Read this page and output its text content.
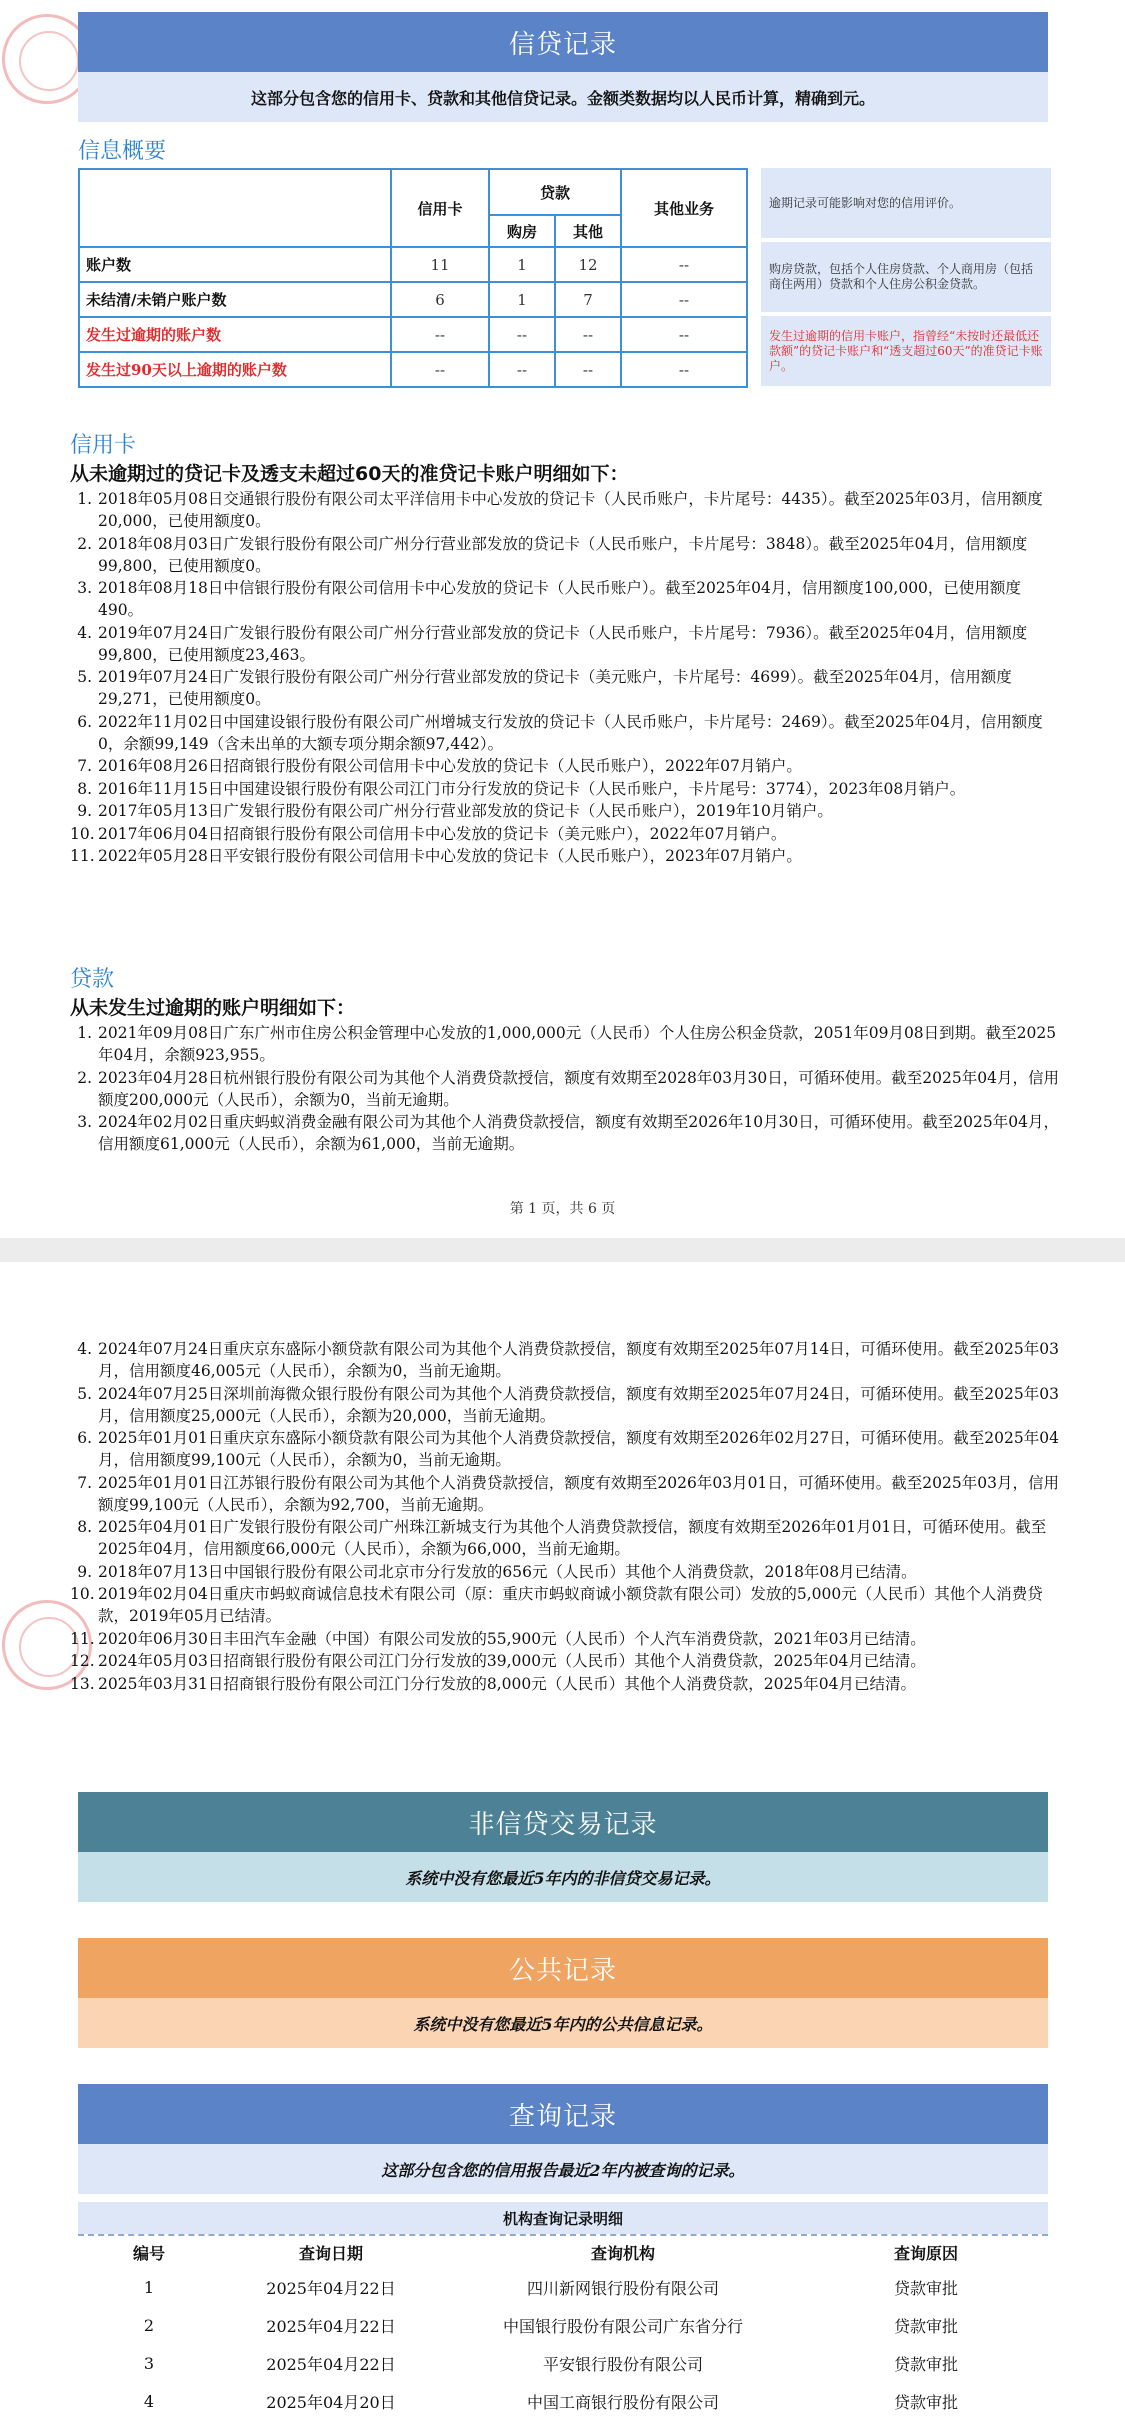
信贷记录
这部分包含您的信用卡、贷款和其他信贷记录。金额类数据均以人民币计算，精确到元。
信息概要
	信用卡	贷款		其他业务
		购房	其他	
账户数	11	1	12	--
未结清/未销户账户数	6	1	7	--
发生过逾期的账户数	--	--	--	--
发生过90天以上逾期的账户数	--	--	--	--
逾期记录可能影响对您的信用评价。
购房贷款，包括个人住房贷款、个人商用房（包括商住两用）贷款和个人住房公积金贷款。
发生过逾期的信用卡账户，指曾经“未按时还最低还款额”的贷记卡账户和“透支超过60天”的准贷记卡账户。
信用卡
从未逾期过的贷记卡及透支未超过60天的准贷记卡账户明细如下：
1. 2018年05月08日交通银行股份有限公司太平洋信用卡中心发放的贷记卡（人民币账户，卡片尾号：4435）。截至2025年03月，信用额度20,000，已使用额度0。
2. 2018年08月03日广发银行股份有限公司广州分行营业部发放的贷记卡（人民币账户，卡片尾号：3848）。截至2025年04月，信用额度99,800，已使用额度0。
3. 2018年08月18日中信银行股份有限公司信用卡中心发放的贷记卡（人民币账户）。截至2025年04月，信用额度100,000，已使用额度490。
4. 2019年07月24日广发银行股份有限公司广州分行营业部发放的贷记卡（人民币账户，卡片尾号：7936）。截至2025年04月，信用额度99,800，已使用额度23,463。
5. 2019年07月24日广发银行股份有限公司广州分行营业部发放的贷记卡（美元账户，卡片尾号：4699）。截至2025年04月，信用额度29,271，已使用额度0。
6. 2022年11月02日中国建设银行股份有限公司广州增城支行发放的贷记卡（人民币账户，卡片尾号：2469）。截至2025年04月，信用额度0，余额99,149（含未出单的大额专项分期余额97,442）。
7. 2016年08月26日招商银行股份有限公司信用卡中心发放的贷记卡（人民币账户），2022年07月销户。
8. 2016年11月15日中国建设银行股份有限公司江门市分行发放的贷记卡（人民币账户，卡片尾号：3774），2023年08月销户。
9. 2017年05月13日广发银行股份有限公司广州分行营业部发放的贷记卡（人民币账户），2019年10月销户。
10. 2017年06月04日招商银行股份有限公司信用卡中心发放的贷记卡（美元账户），2022年07月销户。
11. 2022年05月28日平安银行股份有限公司信用卡中心发放的贷记卡（人民币账户），2023年07月销户。
贷款
从未发生过逾期的账户明细如下：
1. 2021年09月08日广东广州市住房公积金管理中心发放的1,000,000元（人民币）个人住房公积金贷款，2051年09月08日到期。截至2025年04月，余额923,955。
2. 2023年04月28日杭州银行股份有限公司为其他个人消费贷款授信，额度有效期至2028年03月30日，可循环使用。截至2025年04月，信用额度200,000元（人民币），余额为0，当前无逾期。
3. 2024年02月02日重庆蚂蚁消费金融有限公司为其他个人消费贷款授信，额度有效期至2026年10月30日，可循环使用。截至2025年04月，信用额度61,000元（人民币），余额为61,000，当前无逾期。
第 1 页，共 6 页
4. 2024年07月24日重庆京东盛际小额贷款有限公司为其他个人消费贷款授信，额度有效期至2025年07月14日，可循环使用。截至2025年03月，信用额度46,005元（人民币），余额为0，当前无逾期。
5. 2024年07月25日深圳前海微众银行股份有限公司为其他个人消费贷款授信，额度有效期至2025年07月24日，可循环使用。截至2025年03月，信用额度25,000元（人民币），余额为20,000，当前无逾期。
6. 2025年01月01日重庆京东盛际小额贷款有限公司为其他个人消费贷款授信，额度有效期至2026年02月27日，可循环使用。截至2025年04月，信用额度99,100元（人民币），余额为0，当前无逾期。
7. 2025年01月01日江苏银行股份有限公司为其他个人消费贷款授信，额度有效期至2026年03月01日，可循环使用。截至2025年03月，信用额度99,100元（人民币），余额为92,700，当前无逾期。
8. 2025年04月01日广发银行股份有限公司广州珠江新城支行为其他个人消费贷款授信，额度有效期至2026年01月01日，可循环使用。截至2025年04月，信用额度66,000元（人民币），余额为66,000，当前无逾期。
9. 2018年07月13日中国银行股份有限公司北京市分行发放的656元（人民币）其他个人消费贷款，2018年08月已结清。
10. 2019年02月04日重庆市蚂蚁商诚信息技术有限公司（原：重庆市蚂蚁商诚小额贷款有限公司）发放的5,000元（人民币）其他个人消费贷款，2019年05月已结清。
11. 2020年06月30日丰田汽车金融（中国）有限公司发放的55,900元（人民币）个人汽车消费贷款，2021年03月已结清。
12. 2024年05月03日招商银行股份有限公司江门分行发放的39,000元（人民币）其他个人消费贷款，2025年04月已结清。
13. 2025年03月31日招商银行股份有限公司江门分行发放的8,000元（人民币）其他个人消费贷款，2025年04月已结清。
非信贷交易记录
系统中没有您最近5年内的非信贷交易记录。
公共记录
系统中没有您最近5年内的公共信息记录。
查询记录
这部分包含您的信用报告最近2年内被查询的记录。
机构查询记录明细
编号	查询日期	查询机构	查询原因
1	2025年04月22日	四川新网银行股份有限公司	贷款审批
2	2025年04月22日	中国银行股份有限公司广东省分行	贷款审批
3	2025年04月22日	平安银行股份有限公司	贷款审批
4	2025年04月20日	中国工商银行股份有限公司	贷款审批
